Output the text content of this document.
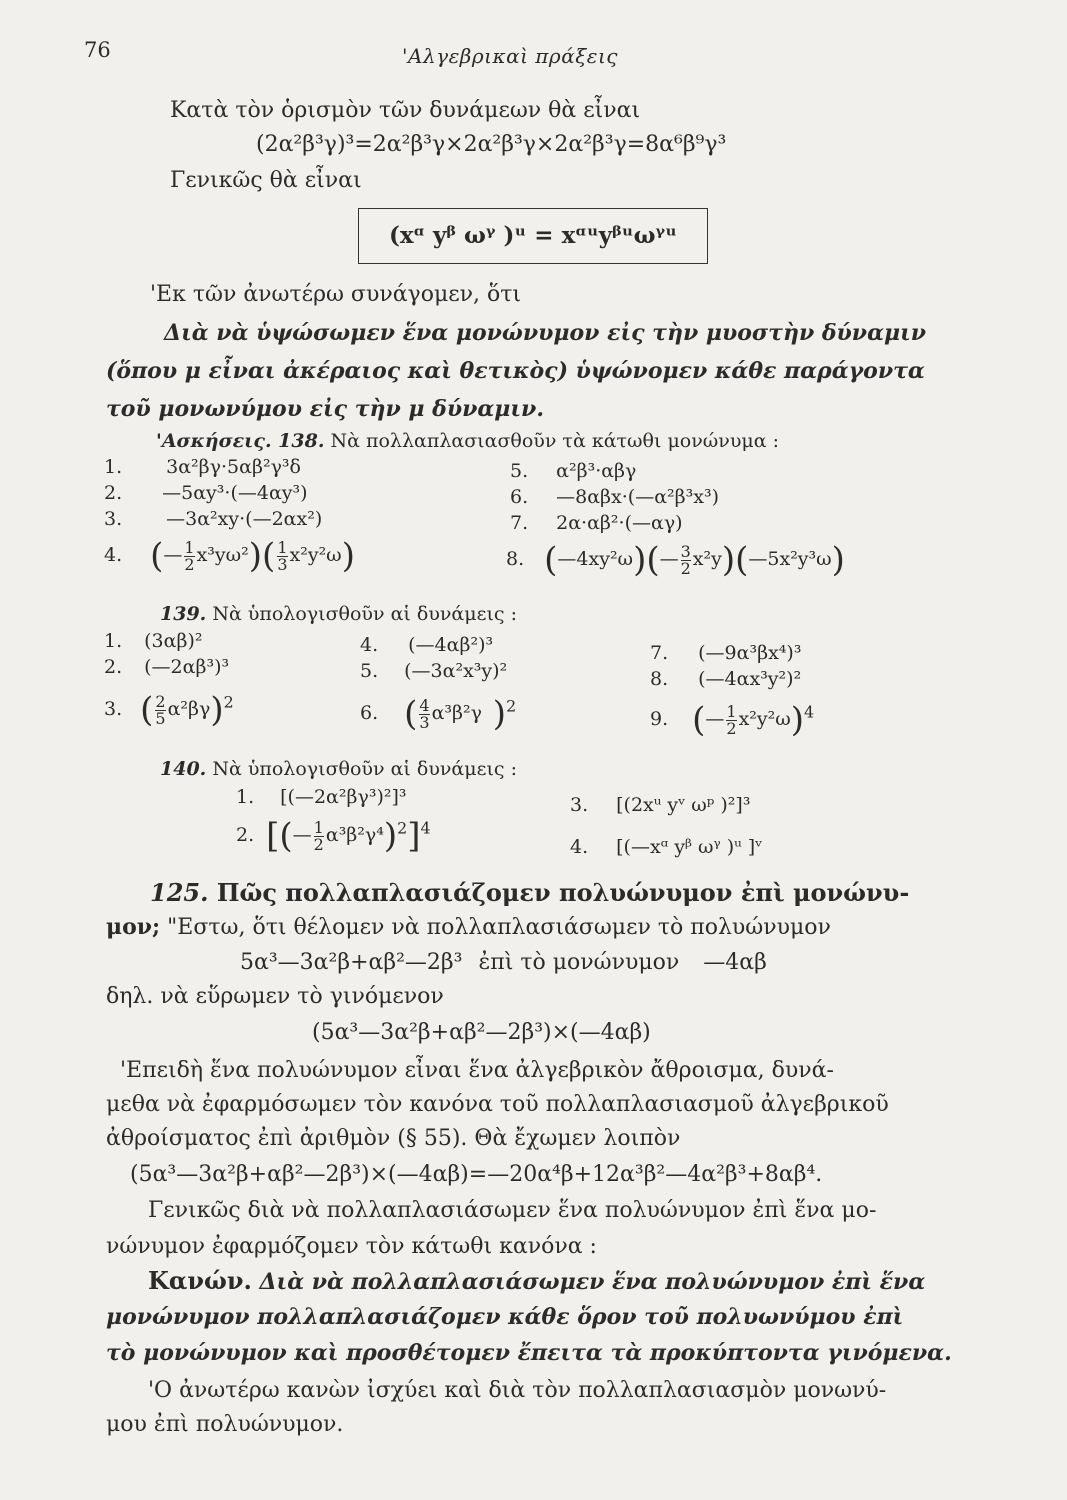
76	'Αλγεβρικαὶ πράξεις
Κατὰ τὸν ὁρισμὸν τῶν δυνάμεων θὰ εἶναι
(2α²β³γ)³=2α²β³γ×2α²β³γ×2α²β³γ=8α⁶β⁹γ³
Γενικῶς θὰ εἶναι
(xᵅ yᵝ ωᵞ )ᵘ = xᵅᵘyᵝᵘωᵞᵘ
'Εκ τῶν ἀνωτέρω συνάγομεν, ὅτι
Διὰ νὰ ὑψώσωμεν ἕνα μονώνυμον εἰς τὴν μυοστὴν δύναμιν
(ὅπου μ εἶναι ἀκέραιος καὶ θετικὸς) ὑψώνομεν κάθε παράγοντα
τοῦ μονωνύμου εἰς τὴν μ δύναμιν.
'Ασκήσεις. 138. Νὰ πολλαπλασιασθοῦν τὰ κάτωθι μονώνυμα :
1. 3α²βγ·5αβ²γ³δ
2. —5αy³·(—4αy³)
3. —3α²xy·(—2αx²)
5. α²β³·αβγ
6. —8αβx·(—α²β³x³)
7. 2α·αβ²·(—αγ)
4. (— $\frac{1}{2} x^3y\omega^2)( \frac{1}{3} x^2y^2\omega)$	8. (—4xy²ω)(— $\frac{3}{2}$ x²y)(—5x²y³ω)
139. Νὰ ὑπολογισθοῦν αἱ δυνάμεις :
1. (3αβ)²
2. (—2αβ³)³
4. (—4αβ²)³
5. (—3α²x³y)²
7. (—9α³βx⁴)³
8. (—4αx³y²)²
3. ( $\frac{2}{5} \alpha^2\beta\gamma)^2$	6. ( $\frac{4}{3} \alpha^3\beta^2\gamma$ )$^2$
9. (— $\frac{1}{2} x^2y^2\omega)^4$
140. Νὰ ὑπολογισθοῦν αἱ δυνάμεις :
1. [(—2α²βγ³)²]³	3. [(2xᵘ yᵛ ωᵖ )²]³
4. [(—xᵅ yᵝ ωᵞ )ᵘ ]ᵛ
2. [(— $\frac{1}{2} \alpha^3\beta^2\gamma^4)^2]^4$
125. Πῶς πολλαπλασιάζομεν πολυώνυμον ἐπὶ μονώνυ-
μον; "Εστω, ὅτι θέλομεν νὰ πολλαπλασιάσωμεν τὸ πολυώνυμον
5α³—3α²β+αβ²—2β³ ἐπὶ τὸ μονώνυμον —4αβ
δηλ. νὰ εὕρωμεν τὸ γινόμενον
(5α³—3α²β+αβ²—2β³)×(—4αβ)
'Επειδὴ ἕνα πολυώνυμον εἶναι ἕνα ἀλγεβρικὸν ἄθροισμα, δυνά-
μεθα νὰ ἐφαρμόσωμεν τὸν κανόνα τοῦ πολλαπλασιασμοῦ ἀλγεβρικοῦ
ἀθροίσματος ἐπὶ ἀριθμὸν (§ 55). Θὰ ἔχωμεν λοιπὸν
(5α³—3α²β+αβ²—2β³)×(—4αβ)=—20α⁴β+12α³β²—4α²β³+8αβ⁴.
Γενικῶς διὰ νὰ πολλαπλασιάσωμεν ἕνα πολυώνυμον ἐπὶ ἕνα μο-
νώνυμον ἐφαρμόζομεν τὸν κάτωθι κανόνα :
Κανών. Διὰ νὰ πολλαπλασιάσωμεν ἕνα πολυώνυμον ἐπὶ ἕνα
μονώνυμον πολλαπλασιάζομεν κάθε ὅρον τοῦ πολυωνύμου ἐπὶ
τὸ μονώνυμον καὶ προσθέτομεν ἔπειτα τὰ προκύπτοντα γινόμενα.
'Ο ἀνωτέρω κανὼν ἰσχύει καὶ διὰ τὸν πολλαπλασιασμὸν μονωνύ-
μου ἐπὶ πολυώνυμον.
